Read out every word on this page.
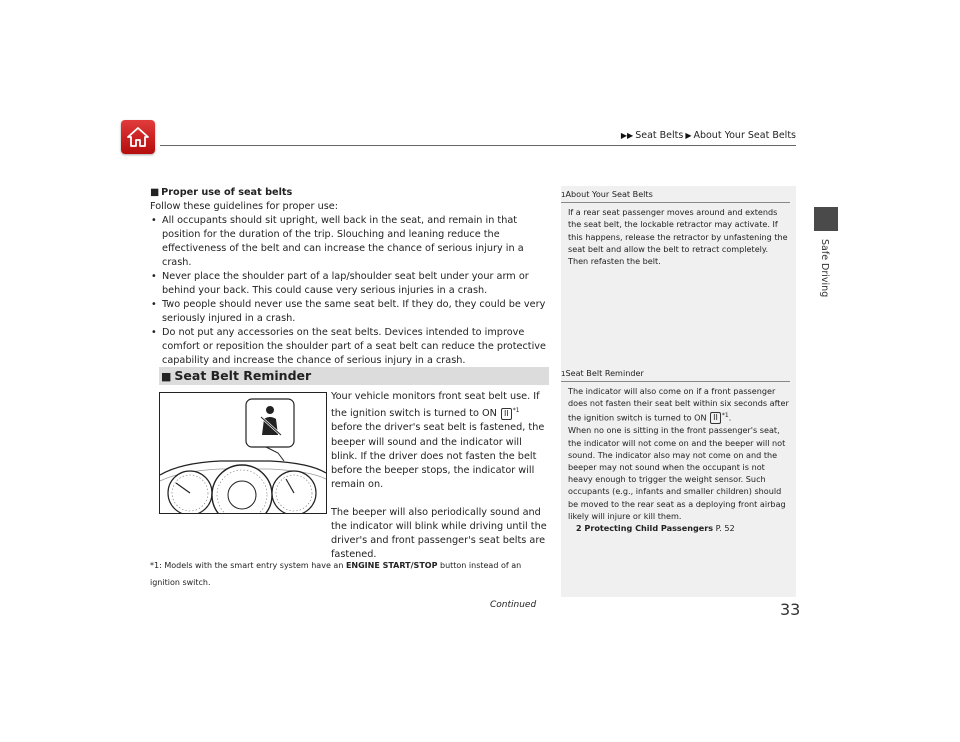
▶▶ Seat Belts ▶ About Your Seat Belts
Safe Driving
■ Proper use of seat belts
Follow these guidelines for proper use:
• All occupants should sit upright, well back in the seat, and remain in that position for the duration of the trip. Slouching and leaning reduce the effectiveness of the belt and can increase the chance of serious injury in a crash.
• Never place the shoulder part of a lap/shoulder seat belt under your arm or behind your back. This could cause very serious injuries in a crash.
• Two people should never use the same seat belt. If they do, they could be very seriously injured in a crash.
• Do not put any accessories on the seat belts. Devices intended to improve comfort or reposition the shoulder part of a seat belt can reduce the protective capability and increase the chance of serious injury in a crash.
■ Seat Belt Reminder

Your vehicle monitors front seat belt use. If the ignition switch is turned to ON II $^{*1}$ before the driver's seat belt is fastened, the beeper will sound and the indicator will blink. If the driver does not fasten the belt before the beeper stops, the indicator will remain on.

The beeper will also periodically sound and the indicator will blink while driving until the driver's and front passenger's seat belts are fastened.

*1: Models with the smart entry system have an ENGINE START/STOP button instead of an ignition switch.
Continued
1About Your Seat Belts
If a rear seat passenger moves around and extends the seat belt, the lockable retractor may activate. If this happens, release the retractor by unfastening the seat belt and allow the belt to retract completely. Then refasten the belt.
1Seat Belt Reminder
The indicator will also come on if a front passenger does not fasten their seat belt within six seconds after the ignition switch is turned to ON II $^{*1}$.
When no one is sitting in the front passenger's seat, the indicator will not come on and the beeper will not sound. The indicator also may not come on and the beeper may not sound when the occupant is not heavy enough to trigger the weight sensor. Such occupants (e.g., infants and smaller children) should be moved to the rear seat as a deploying front airbag likely will injure or kill them.
2 Protecting Child Passengers P. 52
33
